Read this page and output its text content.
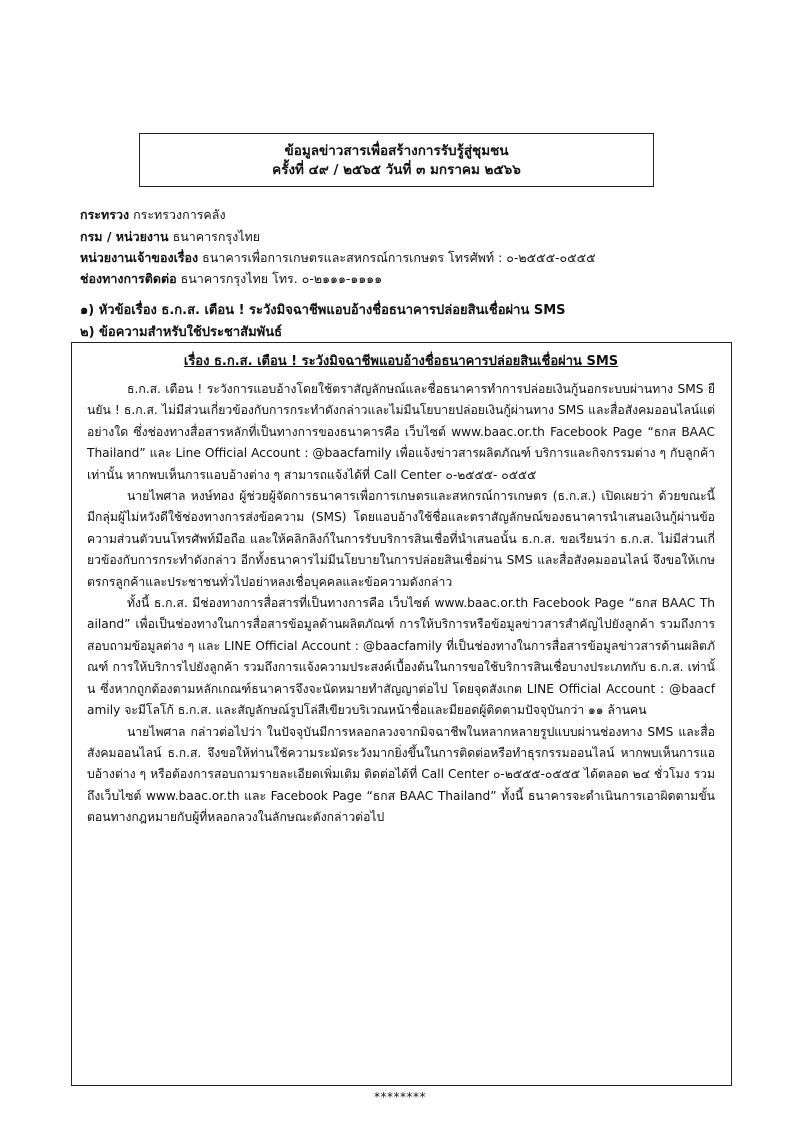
ข้อมูลข่าวสารเพื่อสร้างการรับรู้สู่ชุมชน
ครั้งที่ ๔๙ / ๒๕๖๕ วันที่ ๓ มกราคม ๒๕๖๖
กระทรวง กระทรวงการคลัง
กรม / หน่วยงาน ธนาคารกรุงไทย
หน่วยงานเจ้าของเรื่อง ธนาคารเพื่อการเกษตรและสหกรณ์การเกษตร โทรศัพท์ : ๐-๒๕๕๕-๐๕๕๕
ช่องทางการติดต่อ ธนาคารกรุงไทย โทร. ๐-๒๑๑๑-๑๑๑๑
๑) หัวข้อเรื่อง ธ.ก.ส. เตือน ! ระวังมิจฉาชีพแอบอ้างชื่อธนาคารปล่อยสินเชื่อผ่าน SMS
๒) ข้อความสำหรับใช้ประชาสัมพันธ์
เรื่อง ธ.ก.ส. เตือน ! ระวังมิจฉาชีพแอบอ้างชื่อธนาคารปล่อยสินเชื่อผ่าน SMS

ธ.ก.ส. เตือน ! ระวังการแอบอ้างโดยใช้ตราสัญลักษณ์และชื่อธนาคารทำการปล่อยเงินกู้นอกระบบผ่านทาง SMS ยืนยัน ! ธ.ก.ส. ไม่มีส่วนเกี่ยวข้องกับการกระทำดังกล่าวและไม่มีนโยบายปล่อยเงินกู้ผ่านทาง SMS และสื่อสังคมออนไลน์แต่อย่างใด ซึ่งช่องทางสื่อสารหลักที่เป็นทางการของธนาคารคือ เว็บไซต์ www.baac.or.th Facebook Page “ธกส BAAC Thailand” และ Line Official Account : @baacfamily เพื่อแจ้งข่าวสารผลิตภัณฑ์ บริการและกิจกรรมต่าง ๆ กับลูกค้าเท่านั้น หากพบเห็นการแอบอ้างต่าง ๆ สามารถแจ้งได้ที่ Call Center ๐-๒๕๕๕- ๐๕๕๕

นายไพศาล หงษ์ทอง ผู้ช่วยผู้จัดการธนาคารเพื่อการเกษตรและสหกรณ์การเกษตร (ธ.ก.ส.) เปิดเผยว่า ด้วยขณะนี้มีกลุ่มผู้ไม่หวังดีใช้ช่องทางการส่งข้อความ (SMS) โดยแอบอ้างใช้ชื่อและตราสัญลักษณ์ของธนาคารนำเสนอเงินกู้ผ่านข้อความส่วนตัวบนโทรศัพท์มือถือ และให้คลิกลิงก์ในการรับบริการสินเชื่อที่นำเสนอนั้น ธ.ก.ส. ขอเรียนว่า ธ.ก.ส. ไม่มีส่วนเกี่ยวข้องกับการกระทำดังกล่าว อีกทั้งธนาคารไม่มีนโยบายในการปล่อยสินเชื่อผ่าน SMS และสื่อสังคมออนไลน์ จึงขอให้เกษตรกรลูกค้าและประชาชนทั่วไปอย่าหลงเชื่อบุคคลและข้อความดังกล่าว

ทั้งนี้ ธ.ก.ส. มีช่องทางการสื่อสารที่เป็นทางการคือ เว็บไซต์ www.baac.or.th Facebook Page “ธกส BAAC Thailand” เพื่อเป็นช่องทางในการสื่อสารข้อมูลด้านผลิตภัณฑ์ การให้บริการหรือข้อมูลข่าวสารสำคัญไปยังลูกค้า รวมถึงการสอบถามข้อมูลต่าง ๆ และ LINE Official Account : @baacfamily ที่เป็นช่องทางในการสื่อสารข้อมูลข่าวสารด้านผลิตภัณฑ์ การให้บริการไปยังลูกค้า รวมถึงการแจ้งความประสงค์เบื้องต้นในการขอใช้บริการสินเชื่อบางประเภทกับ ธ.ก.ส. เท่านั้น ซึ่งหากถูกต้องตามหลักเกณฑ์ธนาคารจึงจะนัดหมายทำสัญญาต่อไป โดยจุดสังเกต LINE Official Account : @baacfamily จะมีโลโก้ ธ.ก.ส. และสัญลักษณ์รูปโล่สีเขียวบริเวณหน้าชื่อและมียอดผู้ติดตามปัจจุบันกว่า ๑๑ ล้านคน

นายไพศาล กล่าวต่อไปว่า ในปัจจุบันมีการหลอกลวงจากมิจฉาชีพในหลากหลายรูปแบบผ่านช่องทาง SMS และสื่อสังคมออนไลน์ ธ.ก.ส. จึงขอให้ท่านใช้ความระมัดระวังมากยิ่งขึ้นในการติดต่อหรือทำธุรกรรมออนไลน์ หากพบเห็นการแอบอ้างต่าง ๆ หรือต้องการสอบถามรายละเอียดเพิ่มเติม ติดต่อได้ที่ Call Center ๐-๒๕๕๕-๐๕๕๕ ได้ตลอด ๒๔ ชั่วโมง รวมถึงเว็บไซต์ www.baac.or.th และ Facebook Page “ธกส BAAC Thailand” ทั้งนี้ ธนาคารจะดำเนินการเอาผิดตามขั้นตอนทางกฎหมายกับผู้ที่หลอกลวงในลักษณะดังกล่าวต่อไป

********
